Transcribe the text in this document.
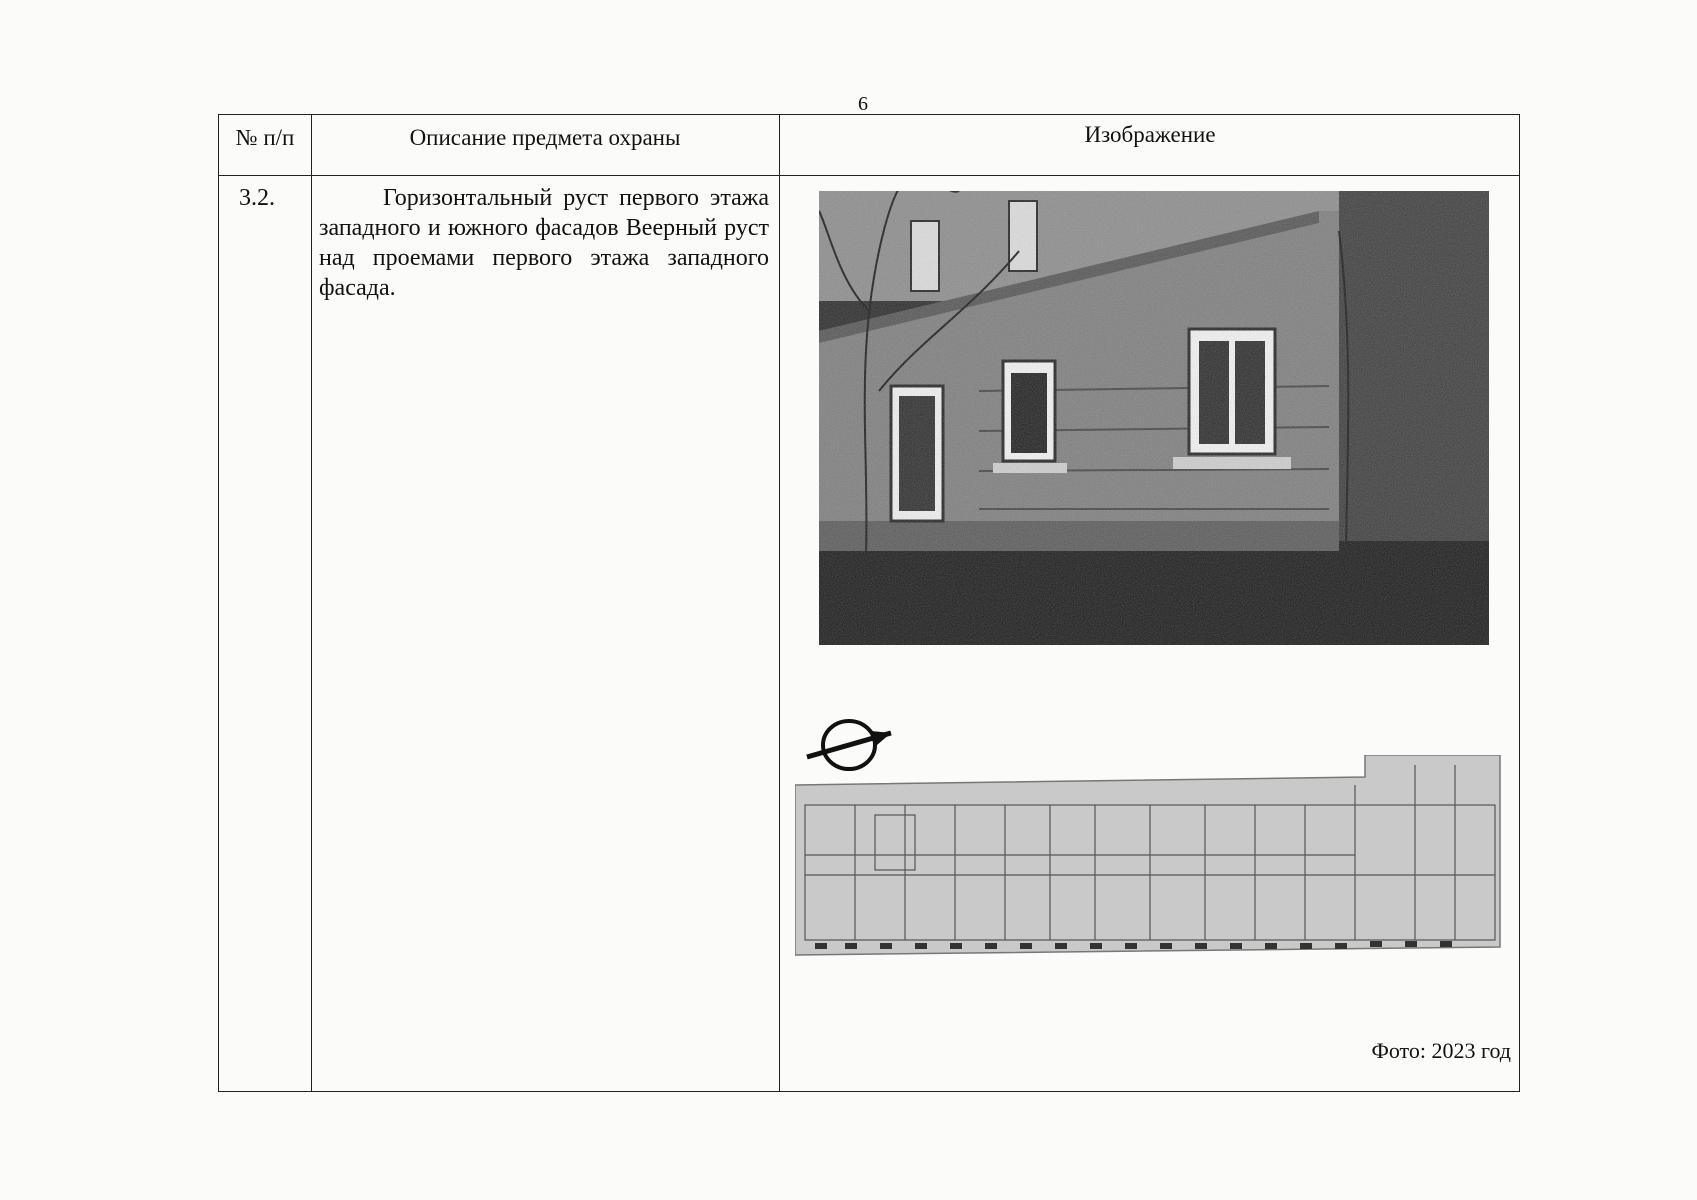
6
№ п/п	Описание предмета охраны	Изображение
3.2.	Горизонтальный руст первого этажа западного и южного фасадов Веерный руст над проемами первого этажа западного фасада.
Фото: 2023 год
